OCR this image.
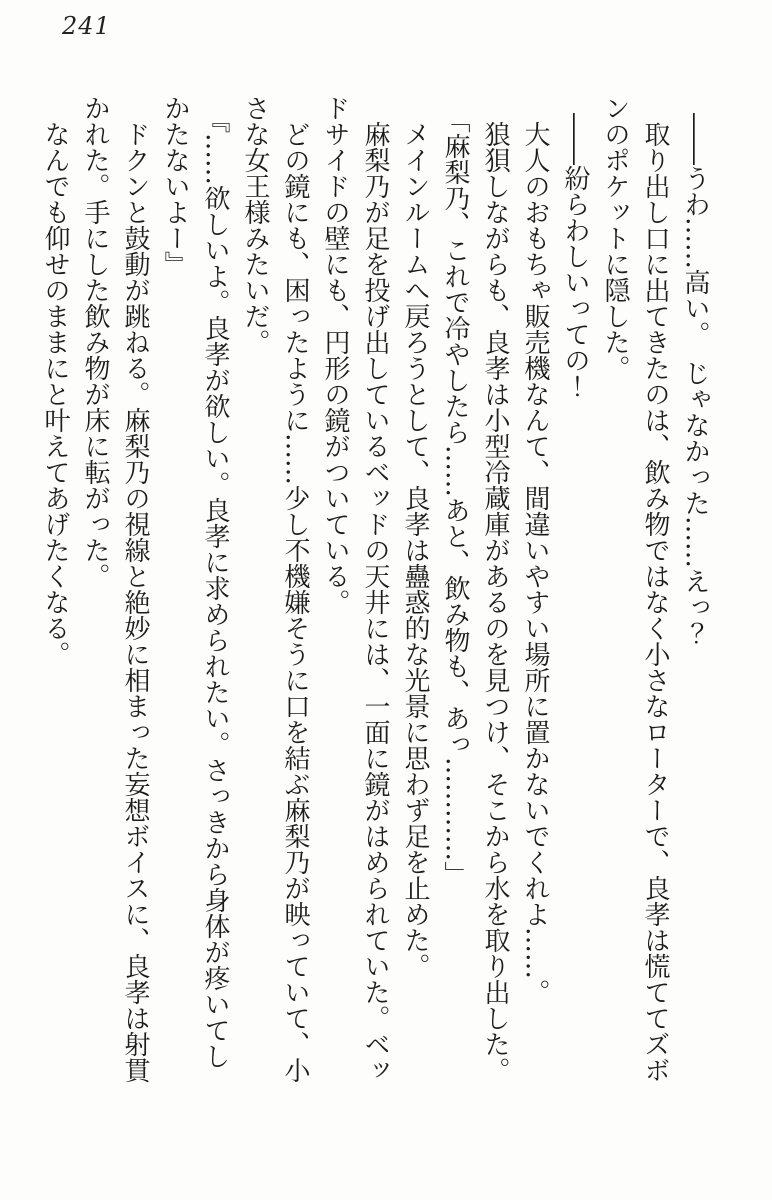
241

――うわ……高い。　じゃなかった……えっ？

取り出し口に出てきたのは、飲み物ではなく小さなローターで、良孝は慌ててズボンのポケットに隠した。

――紛らわしいっての！

大人のおもちゃ販売機なんて、間違いやすい場所に置かないでくれよ……。

狼狽しながらも、良孝は小型冷蔵庫があるのを見つけ、そこから水を取り出した。

「麻梨乃、これで冷やしたら……あと、飲み物も、あっ…………」

メインルームへ戻ろうとして、良孝は蠱惑的な光景に思わず足を止めた。

麻梨乃が足を投げ出しているベッドの天井には、一面に鏡がはめられていた。ベッドサイドの壁にも、円形の鏡がついている。

どの鏡にも、困ったように……少し不機嫌そうに口を結ぶ麻梨乃が映っていて、小さな女王様みたいだ。

『……欲しいよ。良孝が欲しい。良孝に求められたい。さっきから身体が疼いてしかたないよー』

ドクンと鼓動が跳ねる。麻梨乃の視線と絶妙に相まった妄想ボイスに、良孝は射貫かれた。手にした飲み物が床に転がった。

なんでも仰せのままにと叶えてあげたくなる。
